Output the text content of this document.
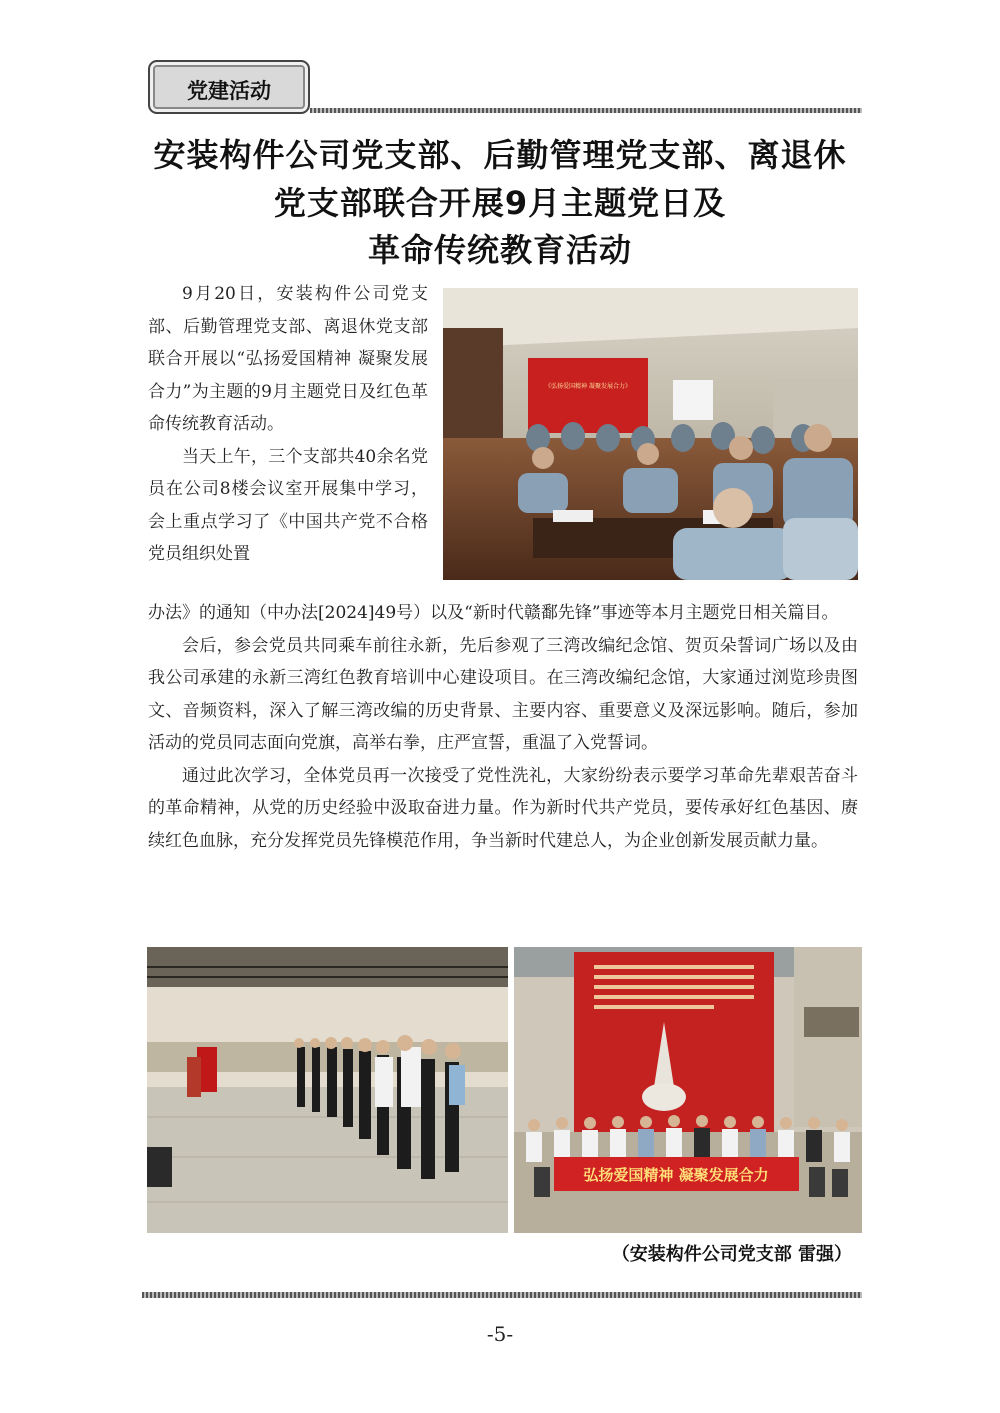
党建活动
安装构件公司党支部、后勤管理党支部、离退休
党支部联合开展9月主题党日及
革命传统教育活动

9月20日，安装构件公司党支部、后勤管理党支部、离退休党支部联合开展以“弘扬爱国精神 凝聚发展合力”为主题的9月主题党日及红色革命传统教育活动。

当天上午，三个支部共40余名党员在公司8楼会议室开展集中学习，会上重点学习了《中国共产党不合格党员组织处置

《弘扬爱国精神 凝聚发展合力》

办法》的通知（中办法[2024]49号）以及“新时代赣鄱先锋”事迹等本月主题党日相关篇目。

会后，参会党员共同乘车前往永新，先后参观了三湾改编纪念馆、贺页朵誓词广场以及由我公司承建的永新三湾红色教育培训中心建设项目。在三湾改编纪念馆，大家通过浏览珍贵图文、音频资料，深入了解三湾改编的历史背景、主要内容、重要意义及深远影响。随后，参加活动的党员同志面向党旗，高举右拳，庄严宣誓，重温了入党誓词。

通过此次学习，全体党员再一次接受了党性洗礼，大家纷纷表示要学习革命先辈艰苦奋斗的革命精神，从党的历史经验中汲取奋进力量。作为新时代共产党员，要传承好红色基因、赓续红色血脉，充分发挥党员先锋模范作用，争当新时代建总人，为企业创新发展贡献力量。

弘扬爱国精神 凝聚发展合力
（安装构件公司党支部 雷强）
-5-
